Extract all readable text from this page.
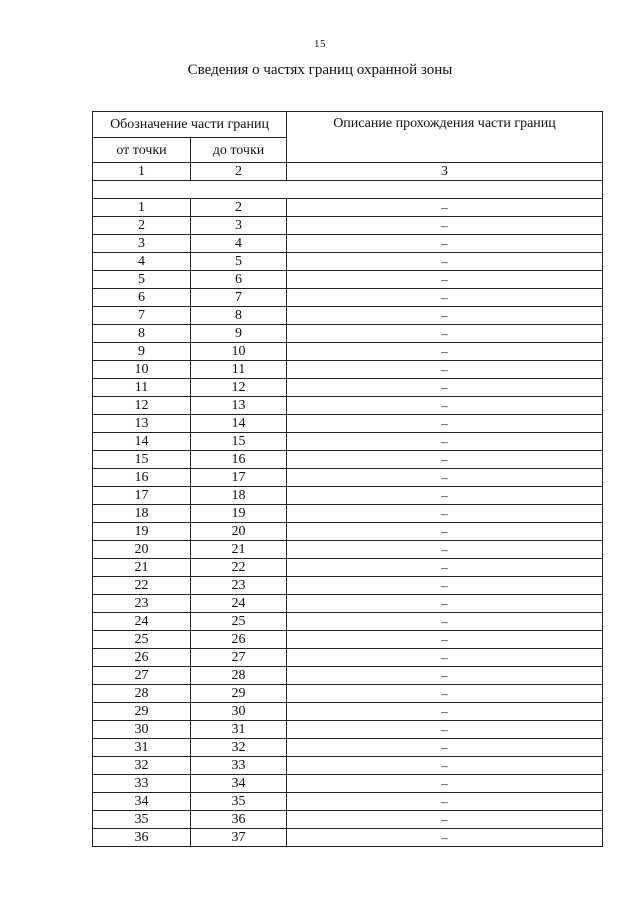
15
Сведения о частях границ охранной зоны
Обозначение части границ		Описание прохождения части границ
от точки	до точки	
1	2	3

1	2	–
2	3	–
3	4	–
4	5	–
5	6	–
6	7	–
7	8	–
8	9	–
9	10	–
10	11	–
11	12	–
12	13	–
13	14	–
14	15	–
15	16	–
16	17	–
17	18	–
18	19	–
19	20	–
20	21	–
21	22	–
22	23	–
23	24	–
24	25	–
25	26	–
26	27	–
27	28	–
28	29	–
29	30	–
30	31	–
31	32	–
32	33	–
33	34	–
34	35	–
35	36	–
36	37	–
